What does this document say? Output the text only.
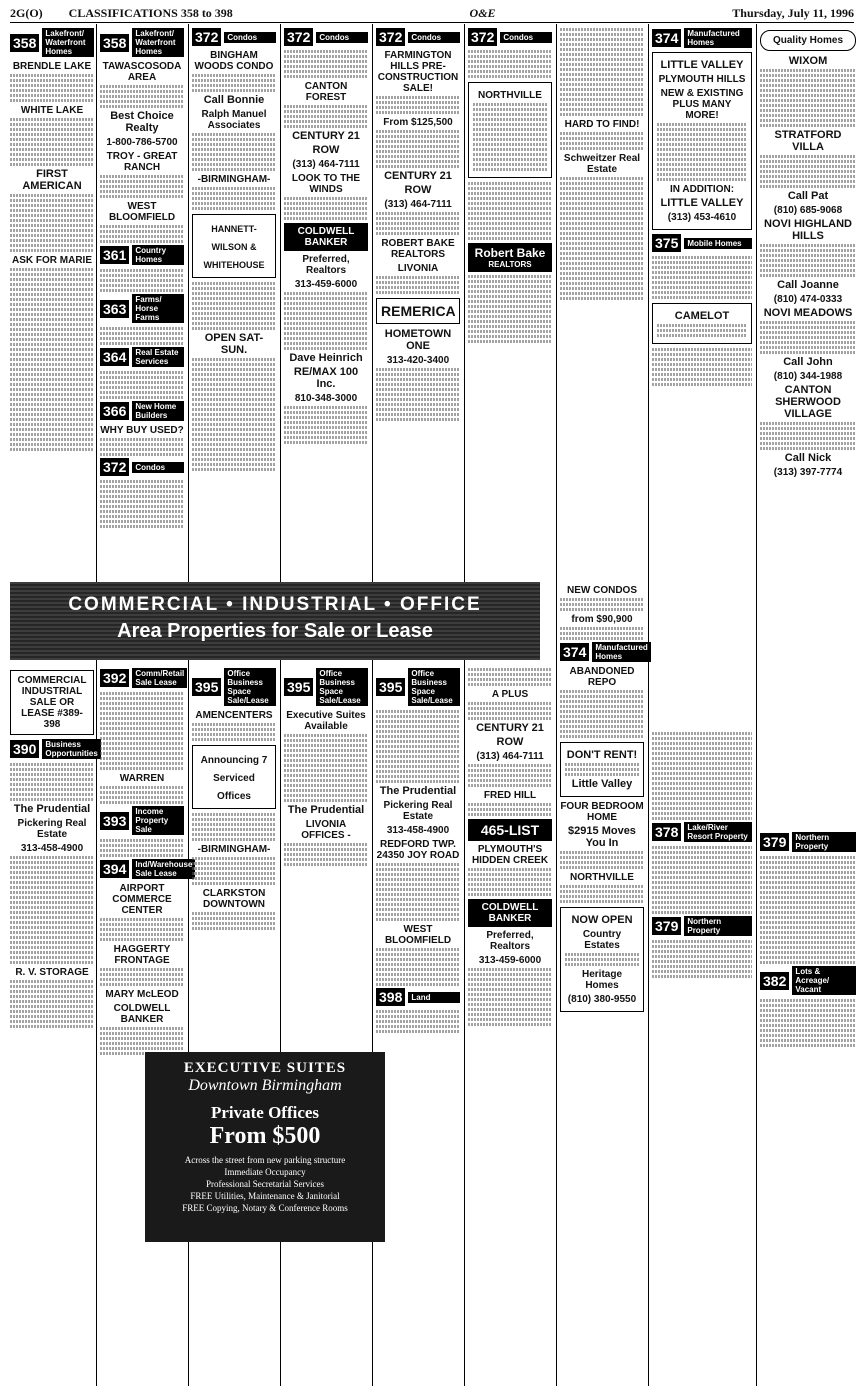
2G(O) CLASSIFICATIONS 358 to 398	O&E	Thursday, July 11, 1996
358
Lakefront/ Waterfront Homes
BRENDLE LAKE
WHITE LAKE
FIRST AMERICAN
ASK FOR MARIE
358
Lakefront/ Waterfront Homes
TAWASCOSODA AREA
Best Choice Realty
1-800-786-5700
TROY - GREAT RANCH
WEST BLOOMFIELD
361	Country Homes
363
Farms/ Horse Farms
364	Real Estate Services
366	New Home Builders
WHY BUY USED?
372	Condos
372	Condos
BINGHAM WOODS CONDO
Call Bonnie
Ralph Manuel Associates
-BIRMINGHAM-
HANNETT-WILSON & WHITEHOUSE
OPEN SAT-SUN.
372	Condos
CANTON FOREST
CENTURY 21
ROW
(313) 464-7111
LOOK TO THE WINDS
COLDWELL BANKER
Preferred, Realtors
313-459-6000
Dave Heinrich
RE/MAX 100 Inc.
810-348-3000
372	Condos
FARMINGTON HILLS PRE-CONSTRUCTION SALE!
From $125,500
CENTURY 21
ROW
(313) 464-7111
ROBERT BAKE REALTORS
LIVONIA
REMERICA
HOMETOWN ONE
313-420-3400
372	Condos
NORTHVILLE
Robert Bake
REALTORS
HARD TO FIND!
Schweitzer Real Estate
374	Manufactured Homes
LITTLE VALLEY
PLYMOUTH HILLS
NEW & EXISTING PLUS MANY MORE!
IN ADDITION:
LITTLE VALLEY
(313) 453-4610
375	Mobile Homes
CAMELOT
Quality Homes
WIXOM
STRATFORD VILLA
Call Pat
(810) 685-9068
NOVI HIGHLAND HILLS
Call Joanne
(810) 474-0333
NOVI MEADOWS
Call John
(810) 344-1988
CANTON SHERWOOD VILLAGE
Call Nick
(313) 397-7774
COMMERCIAL • INDUSTRIAL • OFFICE
Area Properties for Sale or Lease
COMMERCIAL INDUSTRIAL SALE OR LEASE #389-398
390	Business Opportunities
The Prudential
Pickering Real Estate
313-458-4900
R. V. STORAGE
392	Comm/Retail Sale Lease
WARREN
393
Income Property Sale
394	Ind/Warehouse Sale Lease
AIRPORT COMMERCE CENTER
HAGGERTY FRONTAGE
MARY McLEOD
COLDWELL BANKER
395
Office Business Space Sale/Lease
AMENCENTERS
Announcing 7 Serviced Offices
-BIRMINGHAM-
CLARKSTON DOWNTOWN
395
Office Business Space Sale/Lease
Executive Suites Available
The Prudential
LIVONIA OFFICES -
EXECUTIVE SUITES
Downtown Birmingham
Private Offices
From $500
Across the street from new parking structure
Immediate Occupancy
Professional Secretarial Services
FREE Utilities, Maintenance & Janitorial
FREE Copying, Notary & Conference Rooms
395
Office Business Space Sale/Lease
The Prudential
Pickering Real Estate
313-458-4900
REDFORD TWP. 24350 JOY ROAD
WEST BLOOMFIELD
398	Land
A PLUS
CENTURY 21
ROW
(313) 464-7111
FRED HILL
465-LIST
PLYMOUTH'S HIDDEN CREEK
COLDWELL BANKER
Preferred, Realtors
313-459-6000
NEW CONDOS
from $90,900
374	Manufactured Homes
ABANDONED REPO
DON'T RENT!
Little Valley
FOUR BEDROOM HOME
$2915 Moves You In
NORTHVILLE
NOW OPEN
Country Estates
Heritage Homes
(810) 380-9550
378	Lake/River Resort Property
379	Northern Property
379	Northern Property
382
Lots & Acreage/ Vacant
